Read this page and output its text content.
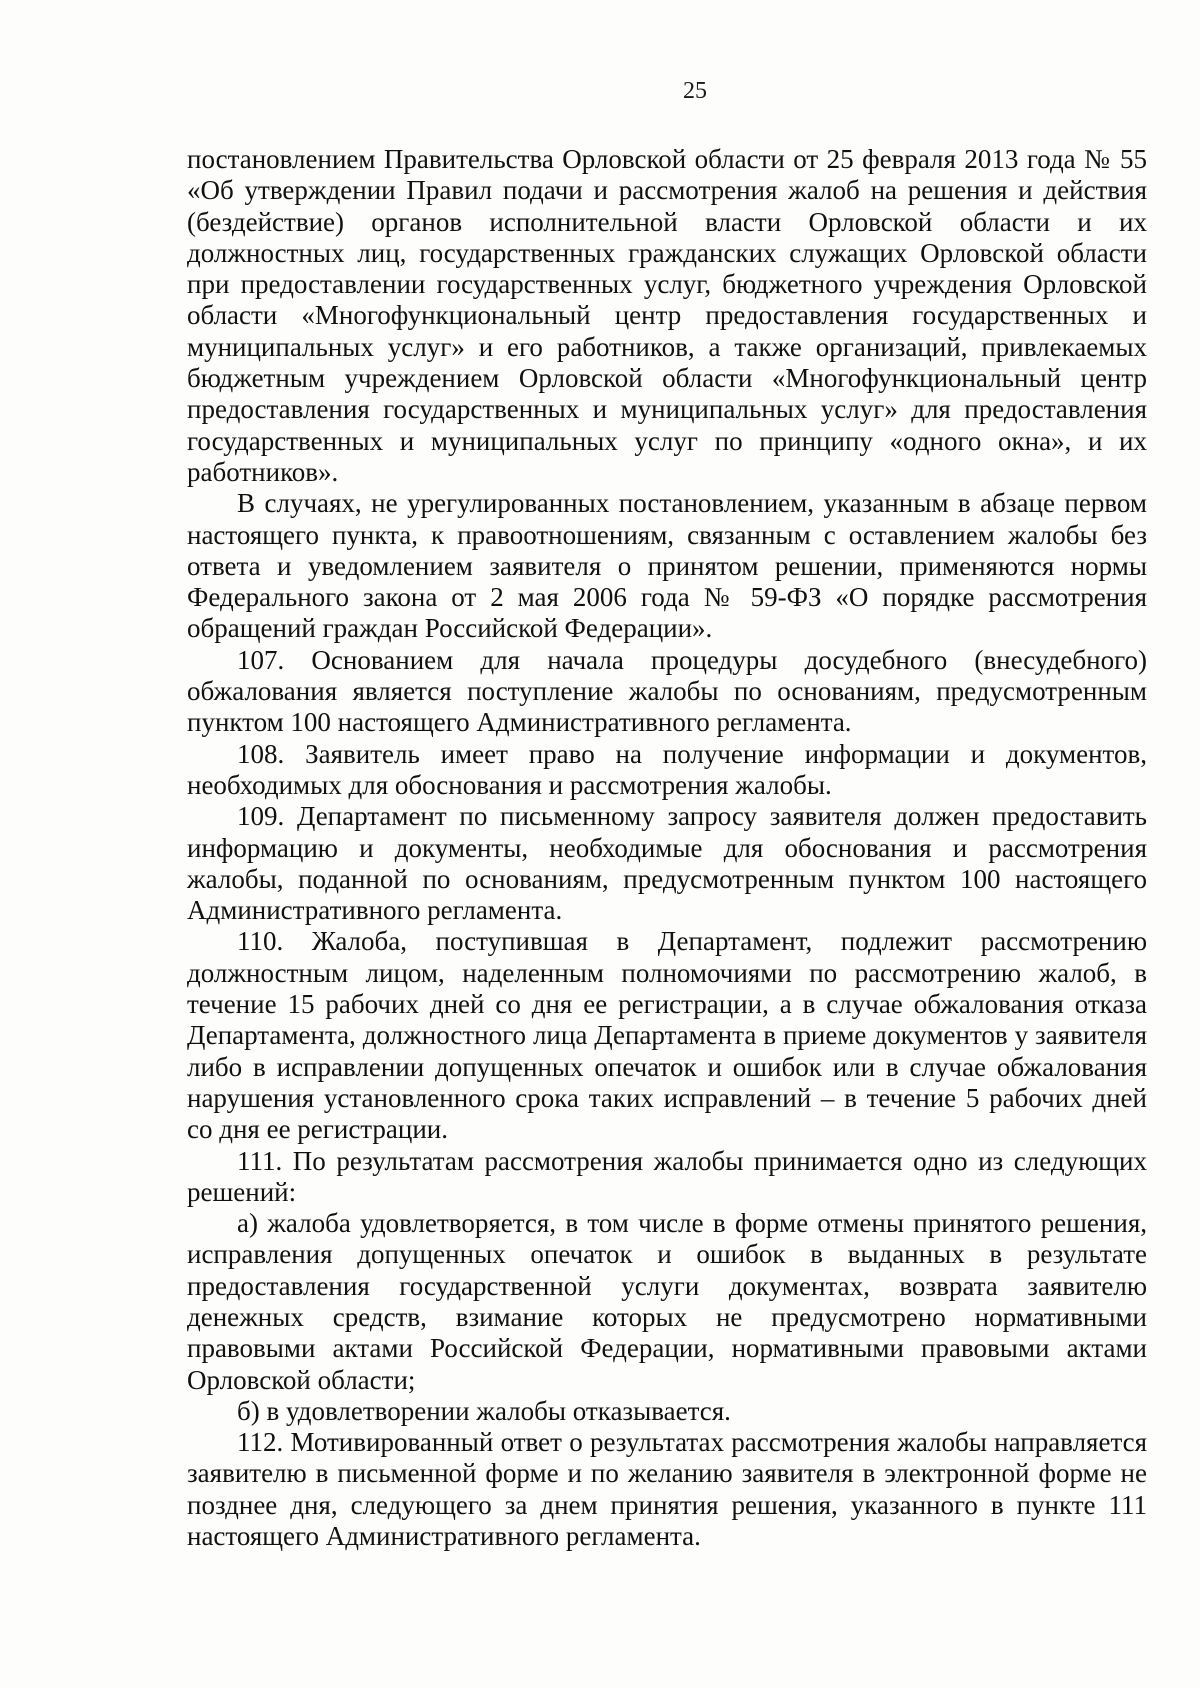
25

постановлением Правительства Орловской области от 25 февраля 2013 года № 55 «Об утверждении Правил подачи и рассмотрения жалоб на решения и действия (бездействие) органов исполнительной власти Орловской области и их должностных лиц, государственных гражданских служащих Орловской области при предоставлении государственных услуг, бюджетного учреждения Орловской области «Многофункциональный центр предоставления государственных и муниципальных услуг» и его работников, а также организаций, привлекаемых бюджетным учреждением Орловской области «Многофункциональный центр предоставления государственных и муниципальных услуг» для предоставления государственных и муниципальных услуг по принципу «одного окна», и их работников».

В случаях, не урегулированных постановлением, указанным в абзаце первом настоящего пункта, к правоотношениям, связанным с оставлением жалобы без ответа и уведомлением заявителя о принятом решении, применяются нормы Федерального закона от 2 мая 2006 года № 59-ФЗ «О порядке рассмотрения обращений граждан Российской Федерации».

107. Основанием для начала процедуры досудебного (внесудебного) обжалования является поступление жалобы по основаниям, предусмотренным пунктом 100 настоящего Административного регламента.

108. Заявитель имеет право на получение информации и документов, необходимых для обоснования и рассмотрения жалобы.

109. Департамент по письменному запросу заявителя должен предоставить информацию и документы, необходимые для обоснования и рассмотрения жалобы, поданной по основаниям, предусмотренным пунктом 100 настоящего Административного регламента.

110. Жалоба, поступившая в Департамент, подлежит рассмотрению должностным лицом, наделенным полномочиями по рассмотрению жалоб, в течение 15 рабочих дней со дня ее регистрации, а в случае обжалования отказа Департамента, должностного лица Департамента в приеме документов у заявителя либо в исправлении допущенных опечаток и ошибок или в случае обжалования нарушения установленного срока таких исправлений – в течение 5 рабочих дней со дня ее регистрации.

111. По результатам рассмотрения жалобы принимается одно из следующих решений:

а) жалоба удовлетворяется, в том числе в форме отмены принятого решения, исправления допущенных опечаток и ошибок в выданных в результате предоставления государственной услуги документах, возврата заявителю денежных средств, взимание которых не предусмотрено нормативными правовыми актами Российской Федерации, нормативными правовыми актами Орловской области;

б) в удовлетворении жалобы отказывается.

112. Мотивированный ответ о результатах рассмотрения жалобы направляется заявителю в письменной форме и по желанию заявителя в электронной форме не позднее дня, следующего за днем принятия решения, указанного в пункте 111 настоящего Административного регламента.
